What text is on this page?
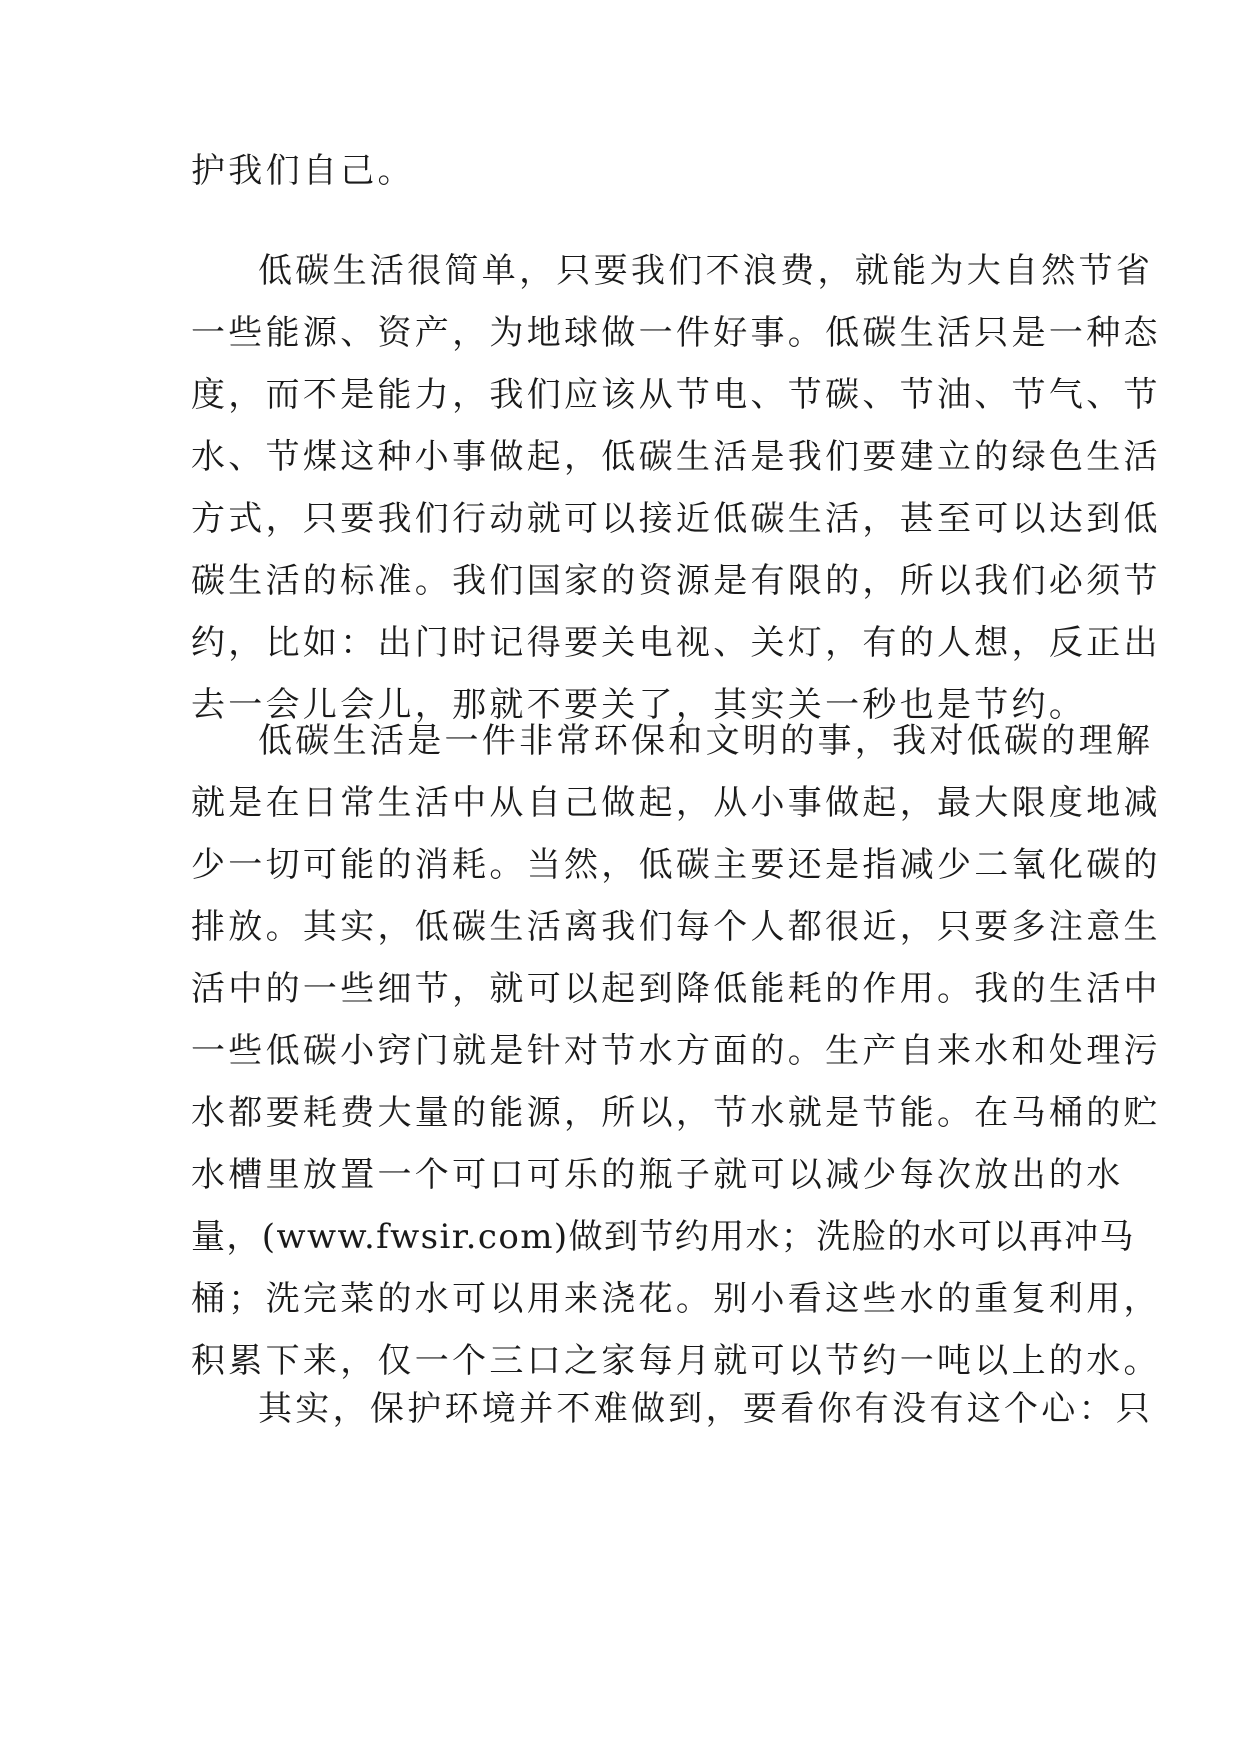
护我们自己。
低碳生活很简单，只要我们不浪费，就能为大自然节省
一些能源、资产，为地球做一件好事。低碳生活只是一种态
度，而不是能力，我们应该从节电、节碳、节油、节气、节
水、节煤这种小事做起，低碳生活是我们要建立的绿色生活
方式，只要我们行动就可以接近低碳生活，甚至可以达到低
碳生活的标准。我们国家的资源是有限的，所以我们必须节
约，比如：出门时记得要关电视、关灯，有的人想，反正出
去一会儿会儿，那就不要关了，其实关一秒也是节约。
低碳生活是一件非常环保和文明的事，我对低碳的理解
就是在日常生活中从自己做起，从小事做起，最大限度地减
少一切可能的消耗。当然，低碳主要还是指减少二氧化碳的
排放。其实，低碳生活离我们每个人都很近，只要多注意生
活中的一些细节，就可以起到降低能耗的作用。我的生活中
一些低碳小窍门就是针对节水方面的。生产自来水和处理污
水都要耗费大量的能源，所以，节水就是节能。在马桶的贮
水槽里放置一个可口可乐的瓶子就可以减少每次放出的水
量，(www.fwsir.com)做到节约用水；洗脸的水可以再冲马
桶；洗完菜的水可以用来浇花。别小看这些水的重复利用，
积累下来，仅一个三口之家每月就可以节约一吨以上的水。
其实，保护环境并不难做到，要看你有没有这个心：只
